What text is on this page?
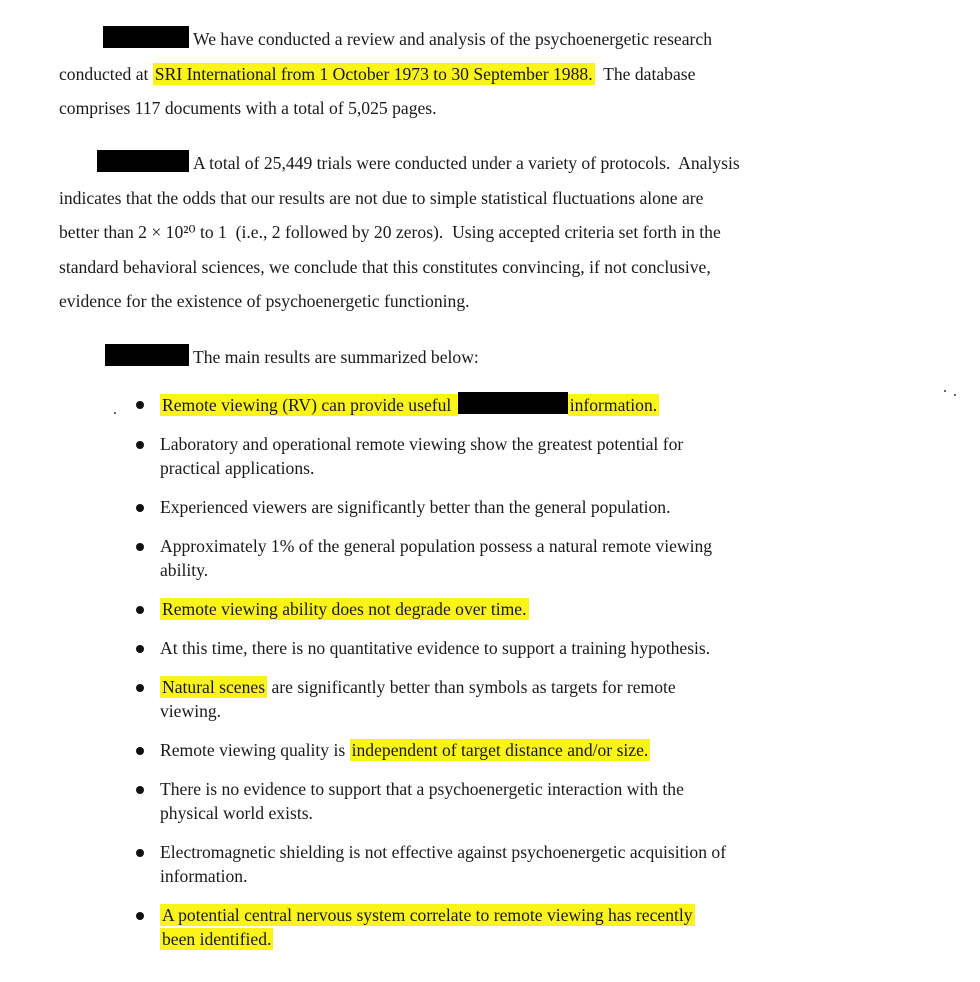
We have conducted a review and analysis of the psychoenergetic research
conducted at SRI International from 1 October 1973 to 30 September 1988.  The database
comprises 117 documents with a total of 5,025 pages.
A total of 25,449 trials were conducted under a variety of protocols.  Analysis
indicates that the odds that our results are not due to simple statistical fluctuations alone are
better than 2 × 10²⁰ to 1  (i.e., 2 followed by 20 zeros).  Using accepted criteria set forth in the
standard behavioral sciences, we conclude that this constitutes convincing, if not conclusive,
evidence for the existence of psychoenergetic functioning.
The main results are summarized below:
Remote viewing (RV) can provide useful	information.
Laboratory and operational remote viewing show the greatest potential for
practical applications.
Experienced viewers are significantly better than the general population.
Approximately 1% of the general population possess a natural remote viewing
ability.
Remote viewing ability does not degrade over time.
At this time, there is no quantitative evidence to support a training hypothesis.
Natural scenes are significantly better than symbols as targets for remote
viewing.
Remote viewing quality is independent of target distance and/or size.
There is no evidence to support that a psychoenergetic interaction with the
physical world exists.
Electromagnetic shielding is not effective against psychoenergetic acquisition of
information.
A potential central nervous system correlate to remote viewing has recently
been identified.
